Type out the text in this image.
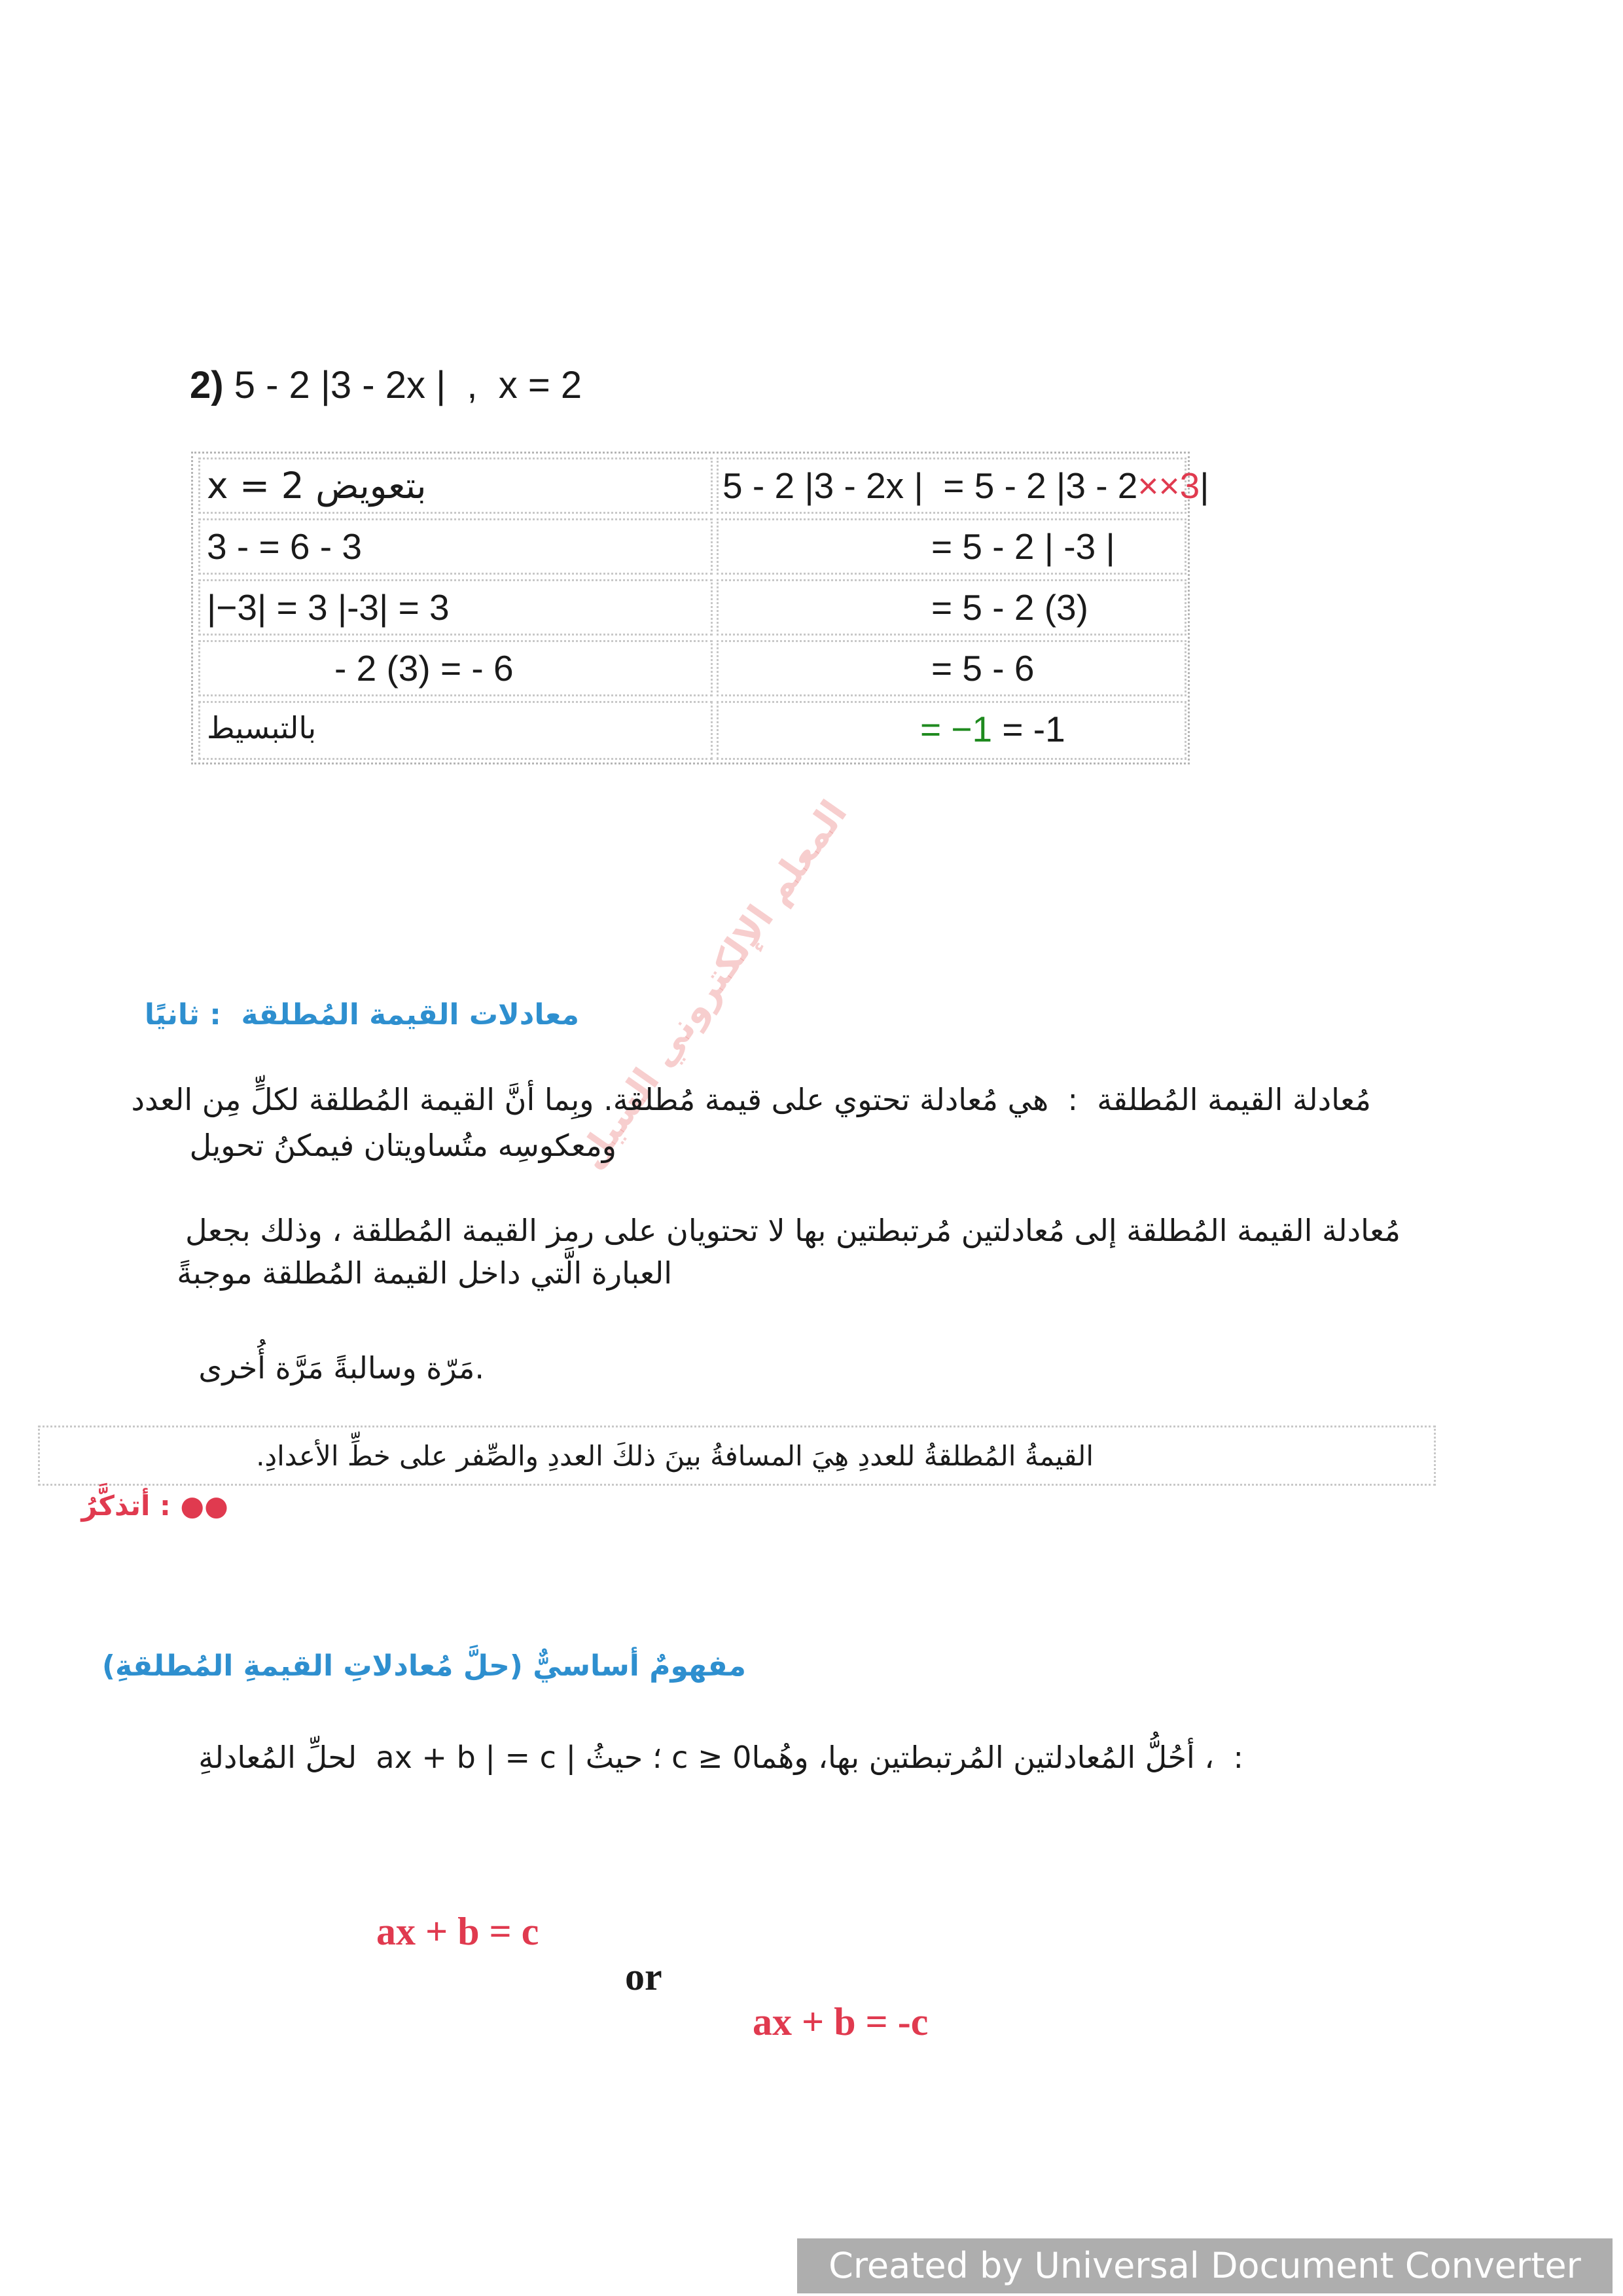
2) 5 - 2 |3 - 2x |  ,  x = 2
بتعويض x = 2	5 - 2 |3 - 2x |  = 5 - 2 |3 - 2××3|
3 - = 6 - 3	= 5 - 2 | -3 |
|−3| = 3 |-3| = 3	= 5 - 2 (3)
- 2 (3) = - 6	= 5 - 6
بالتبسيط	= −1 = -1
المعلم الإلكتروني السيل
معادلات القيمة المُطلقة  : ثانيًا
مُعادلة القيمة المُطلقة  :  هي مُعادلة تحتوي على قيمة مُطلقة. وبِما أنَّ القيمة المُطلقة لكلٍّ مِن العدد
ومعكوسِه متُساويتان فيمكنُ تحويل
مُعادلة القيمة المُطلقة إلى مُعادلتين مُرتبطتين بها لا تحتويان على رمز القيمة المُطلقة ، وذلك بجعل
العبارة الَّتي داخل القيمة المُطلقة موجبةً
.مَرّة وسالبةً مَرَّة أُخرى

أتذكَّرُ : ●●

القيمةُ المُطلقةُ للعددِ هِيَ المسافةُ بينَ ذلكَ العددِ والصِّفر على خطِّ الأعدادِ.
مفهومٌ أساسيٌّ (حلَّ مُعادلاتِ القيمةِ المُطلقةِ)
:  ، أحُلُّ المُعادلتين المُرتبطتين بها، وهُما0 ≤ c ؛ حيثُ | ax + b | = c  لحلِّ المُعادلةِ

ax + b = c

or

ax + b = -c

Created by Universal Document Converter
